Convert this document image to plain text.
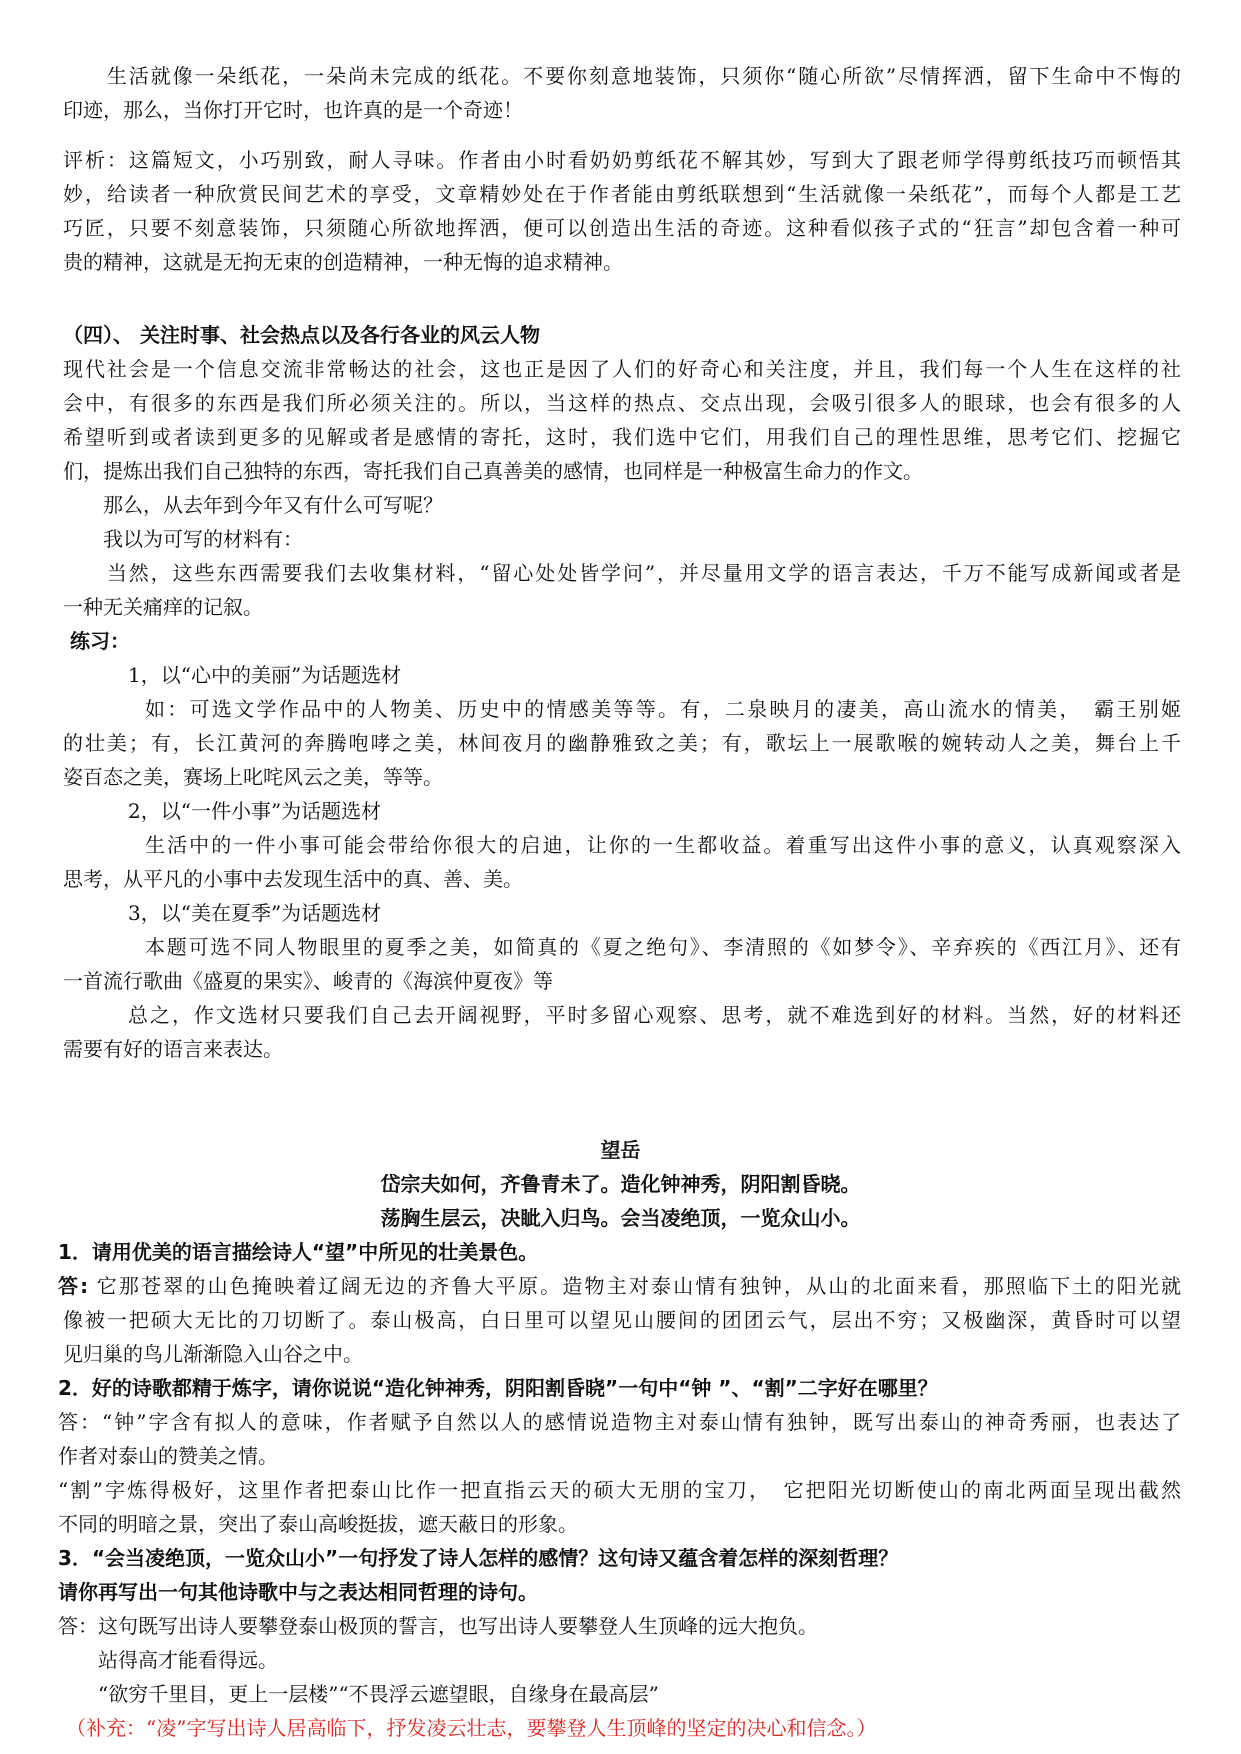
　　生活就像一朵纸花，一朵尚未完成的纸花。不要你刻意地装饰，只须你“随心所欲”尽情挥洒，留下生命中不悔的
印迹，那么，当你打开它时，也许真的是一个奇迹！
评析：这篇短文，小巧别致，耐人寻味。作者由小时看奶奶剪纸花不解其妙，写到大了跟老师学得剪纸技巧而顿悟其
妙，给读者一种欣赏民间艺术的享受，文章精妙处在于作者能由剪纸联想到“生活就像一朵纸花”，而每个人都是工艺
巧匠，只要不刻意装饰，只须随心所欲地挥洒，便可以创造出生活的奇迹。这种看似孩子式的“狂言”却包含着一种可
贵的精神，这就是无拘无束的创造精神，一种无悔的追求精神。
（四）、 关注时事、社会热点以及各行各业的风云人物
现代社会是一个信息交流非常畅达的社会，这也正是因了人们的好奇心和关注度，并且，我们每一个人生在这样的社
会中，有很多的东西是我们所必须关注的。所以，当这样的热点、交点出现，会吸引很多人的眼球，也会有很多的人
希望听到或者读到更多的见解或者是感情的寄托，这时，我们选中它们，用我们自己的理性思维，思考它们、挖掘它
们，提炼出我们自己独特的东西，寄托我们自己真善美的感情，也同样是一种极富生命力的作文。
　　那么，从去年到今年又有什么可写呢？
　　我以为可写的材料有：
　　当然，这些东西需要我们去收集材料，“留心处处皆学问”，并尽量用文学的语言表达，千万不能写成新闻或者是
一种无关痛痒的记叙。
练习：
1，以“心中的美丽”为话题选材
如：可选文学作品中的人物美、历史中的情感美等等。有，二泉映月的凄美，高山流水的情美，　霸王别姬
的壮美；有，长江黄河的奔腾咆哮之美，林间夜月的幽静雅致之美；有，歌坛上一展歌喉的婉转动人之美，舞台上千
姿百态之美，赛场上叱咤风云之美，等等。
2，以“一件小事”为话题选材
生活中的一件小事可能会带给你很大的启迪，让你的一生都收益。着重写出这件小事的意义，认真观察深入
思考，从平凡的小事中去发现生活中的真、善、美。
3，以“美在夏季”为话题选材
本题可选不同人物眼里的夏季之美，如简真的《夏之绝句》、李清照的《如梦令》、辛弃疾的《西江月》、还有
一首流行歌曲《盛夏的果实》、峻青的《海滨仲夏夜》等
总之，作文选材只要我们自己去开阔视野，平时多留心观察、思考，就不难选到好的材料。当然，好的材料还
需要有好的语言来表达。
望岳
岱宗夫如何，齐鲁青未了。造化钟神秀，阴阳割昏晓。
荡胸生层云，决眦入归鸟。会当凌绝顶，一览众山小。
1．请用优美的语言描绘诗人“望”中所见的壮美景色。
答: 它那苍翠的山色掩映着辽阔无边的齐鲁大平原。造物主对泰山情有独钟，从山的北面来看，那照临下土的阳光就
像被一把硕大无比的刀切断了。泰山极高，白日里可以望见山腰间的团团云气，层出不穷；又极幽深，黄昏时可以望
见归巢的鸟儿渐渐隐入山谷之中。
2．好的诗歌都精于炼字，请你说说“造化钟神秀，阴阳割昏晓”一句中“钟 ”、“割”二字好在哪里？
答：“钟”字含有拟人的意味，作者赋予自然以人的感情说造物主对泰山情有独钟，既写出泰山的神奇秀丽，也表达了
作者对泰山的赞美之情。
“割”字炼得极好，这里作者把泰山比作一把直指云天的硕大无朋的宝刀，　它把阳光切断使山的南北两面呈现出截然
不同的明暗之景，突出了泰山高峻挺拔，遮天蔽日的形象。
3．“会当凌绝顶，一览众山小”一句抒发了诗人怎样的感情？这句诗又蕴含着怎样的深刻哲理？
请你再写出一句其他诗歌中与之表达相同哲理的诗句。
答：这句既写出诗人要攀登泰山极顶的誓言，也写出诗人要攀登人生顶峰的远大抱负。
　　站得高才能看得远。
　　“欲穷千里目，更上一层楼”“不畏浮云遮望眼，自缘身在最高层”
（补充：“凌”字写出诗人居高临下，抒发凌云壮志，要攀登人生顶峰的坚定的决心和信念。）
